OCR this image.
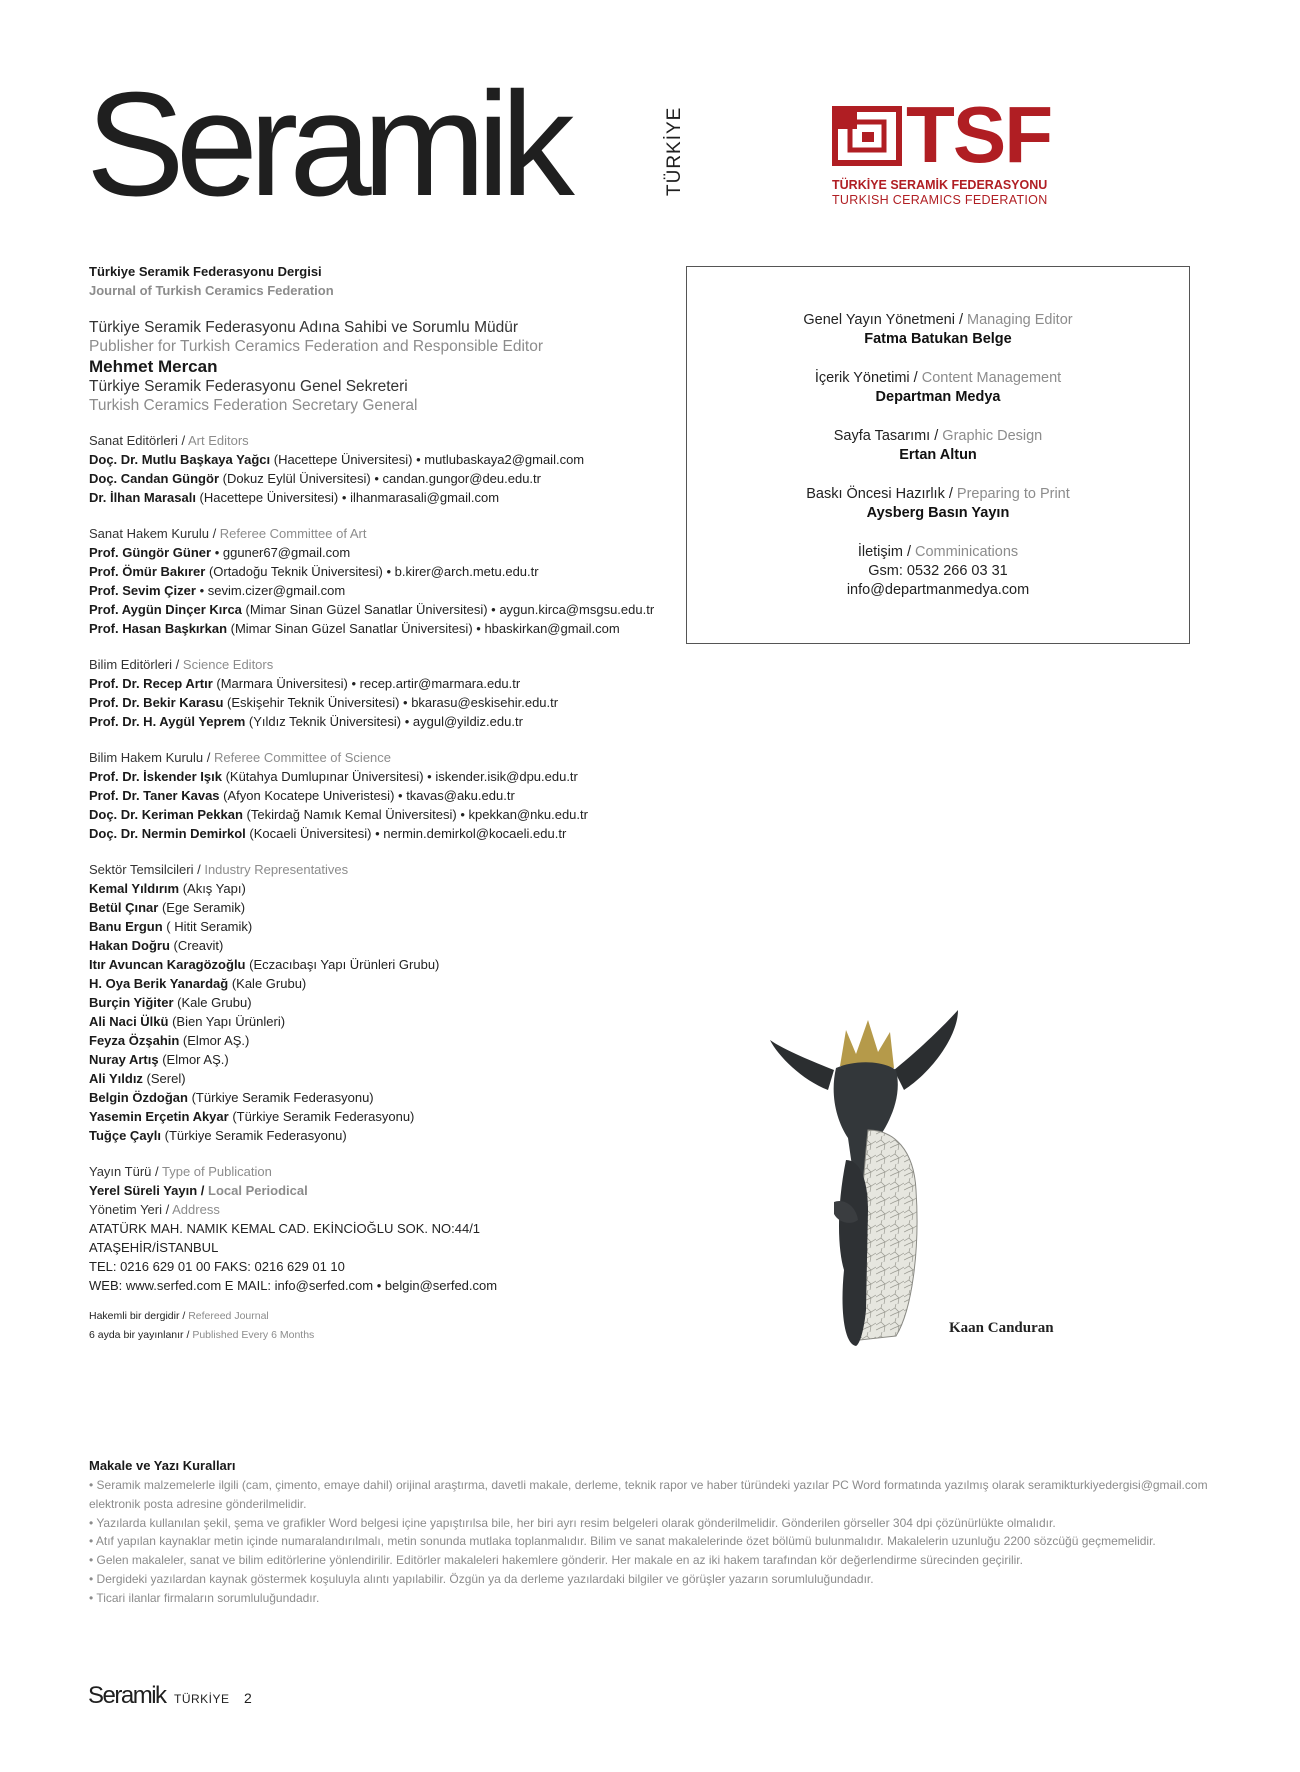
Seramik	TÜRKİYE	TSF
TÜRKİYE SERAMİK FEDERASYONU
TURKISH CERAMICS FEDERATION
Türkiye Seramik Federasyonu Dergisi
Journal of Turkish Ceramics Federation
Türkiye Seramik Federasyonu Adına Sahibi ve Sorumlu Müdür
Publisher for Turkish Ceramics Federation and Responsible Editor
Mehmet Mercan
Türkiye Seramik Federasyonu Genel Sekreteri
Turkish Ceramics Federation Secretary General
Sanat Editörleri / Art Editors
Doç. Dr. Mutlu Başkaya Yağcı (Hacettepe Üniversitesi) • mutlubaskaya2@gmail.com
Doç. Candan Güngör (Dokuz Eylül Üniversitesi) • candan.gungor@deu.edu.tr
Dr. İlhan Marasalı (Hacettepe Üniversitesi) • ilhanmarasali@gmail.com
Sanat Hakem Kurulu / Referee Committee of Art
Prof. Güngör Güner • gguner67@gmail.com
Prof. Ömür Bakırer (Ortadoğu Teknik Üniversitesi) • b.kirer@arch.metu.edu.tr
Prof. Sevim Çizer • sevim.cizer@gmail.com
Prof. Aygün Dinçer Kırca (Mimar Sinan Güzel Sanatlar Üniversitesi) • aygun.kirca@msgsu.edu.tr
Prof. Hasan Başkırkan (Mimar Sinan Güzel Sanatlar Üniversitesi) • hbaskirkan@gmail.com
Bilim Editörleri / Science Editors
Prof. Dr. Recep Artır (Marmara Üniversitesi) • recep.artir@marmara.edu.tr
Prof. Dr. Bekir Karasu (Eskişehir Teknik Üniversitesi) • bkarasu@eskisehir.edu.tr
Prof. Dr. H. Aygül Yeprem (Yıldız Teknik Üniversitesi) • aygul@yildiz.edu.tr
Bilim Hakem Kurulu / Referee Committee of Science
Prof. Dr. İskender Işık (Kütahya Dumlupınar Üniversitesi) • iskender.isik@dpu.edu.tr
Prof. Dr. Taner Kavas (Afyon Kocatepe Univeristesi) • tkavas@aku.edu.tr
Doç. Dr. Keriman Pekkan (Tekirdağ Namık Kemal Üniversitesi) • kpekkan@nku.edu.tr
Doç. Dr. Nermin Demirkol (Kocaeli Üniversitesi) • nermin.demirkol@kocaeli.edu.tr
Sektör Temsilcileri / Industry Representatives
Kemal Yıldırım (Akış Yapı)
Betül Çınar (Ege Seramik)
Banu Ergun ( Hitit Seramik)
Hakan Doğru (Creavit)
Itır Avuncan Karagözoğlu (Eczacıbaşı Yapı Ürünleri Grubu)
H. Oya Berik Yanardağ (Kale Grubu)
Burçin Yiğiter (Kale Grubu)
Ali Naci Ülkü (Bien Yapı Ürünleri)
Feyza Özşahin (Elmor AŞ.)
Nuray Artış (Elmor AŞ.)
Ali Yıldız (Serel)
Belgin Özdoğan (Türkiye Seramik Federasyonu)
Yasemin Erçetin Akyar (Türkiye Seramik Federasyonu)
Tuğçe Çaylı (Türkiye Seramik Federasyonu)
Yayın Türü / Type of Publication
Yerel Süreli Yayın / Local Periodical
Yönetim Yeri / Address
ATATÜRK MAH. NAMIK KEMAL CAD. EKİNCİOĞLU SOK. NO:44/1
ATAŞEHİR/İSTANBUL
TEL: 0216 629 01 00 FAKS: 0216 629 01 10
WEB: www.serfed.com E MAIL: info@serfed.com • belgin@serfed.com
Hakemli bir dergidir / Refereed Journal
6 ayda bir yayınlanır / Published Every 6 Months
Genel Yayın Yönetmeni / Managing Editor
Fatma Batukan Belge
İçerik Yönetimi / Content Management
Departman Medya
Sayfa Tasarımı / Graphic Design
Ertan Altun
Baskı Öncesi Hazırlık / Preparing to Print
Aysberg Basın Yayın
İletişim / Comminications
Gsm: 0532 266 03 31
info@departmanmedya.com
Kaan Canduran
Makale ve Yazı Kuralları
• Seramik malzemelerle ilgili (cam, çimento, emaye dahil) orijinal araştırma, davetli makale, derleme, teknik rapor ve haber türündeki yazılar PC Word formatında yazılmış olarak seramikturkiyedergisi@gmail.com elektronik posta adresine gönderilmelidir.
• Yazılarda kullanılan şekil, şema ve grafikler Word belgesi içine yapıştırılsa bile, her biri ayrı resim belgeleri olarak gönderilmelidir. Gönderilen görseller 304 dpi çözünürlükte olmalıdır.
• Atıf yapılan kaynaklar metin içinde numaralandırılmalı, metin sonunda mutlaka toplanmalıdır. Bilim ve sanat makalelerinde özet bölümü bulunmalıdır. Makalelerin uzunluğu 2200 sözcüğü geçmemelidir.
• Gelen makaleler, sanat ve bilim editörlerine yönlendirilir. Editörler makaleleri hakemlere gönderir. Her makale en az iki hakem tarafından kör değerlendirme sürecinden geçirilir.
• Dergideki yazılardan kaynak göstermek koşuluyla alıntı yapılabilir. Özgün ya da derleme yazılardaki bilgiler ve görüşler yazarın sorumluluğundadır.
• Ticari ilanlar firmaların sorumluluğundadır.
Seramik TÜRKİYE 2
